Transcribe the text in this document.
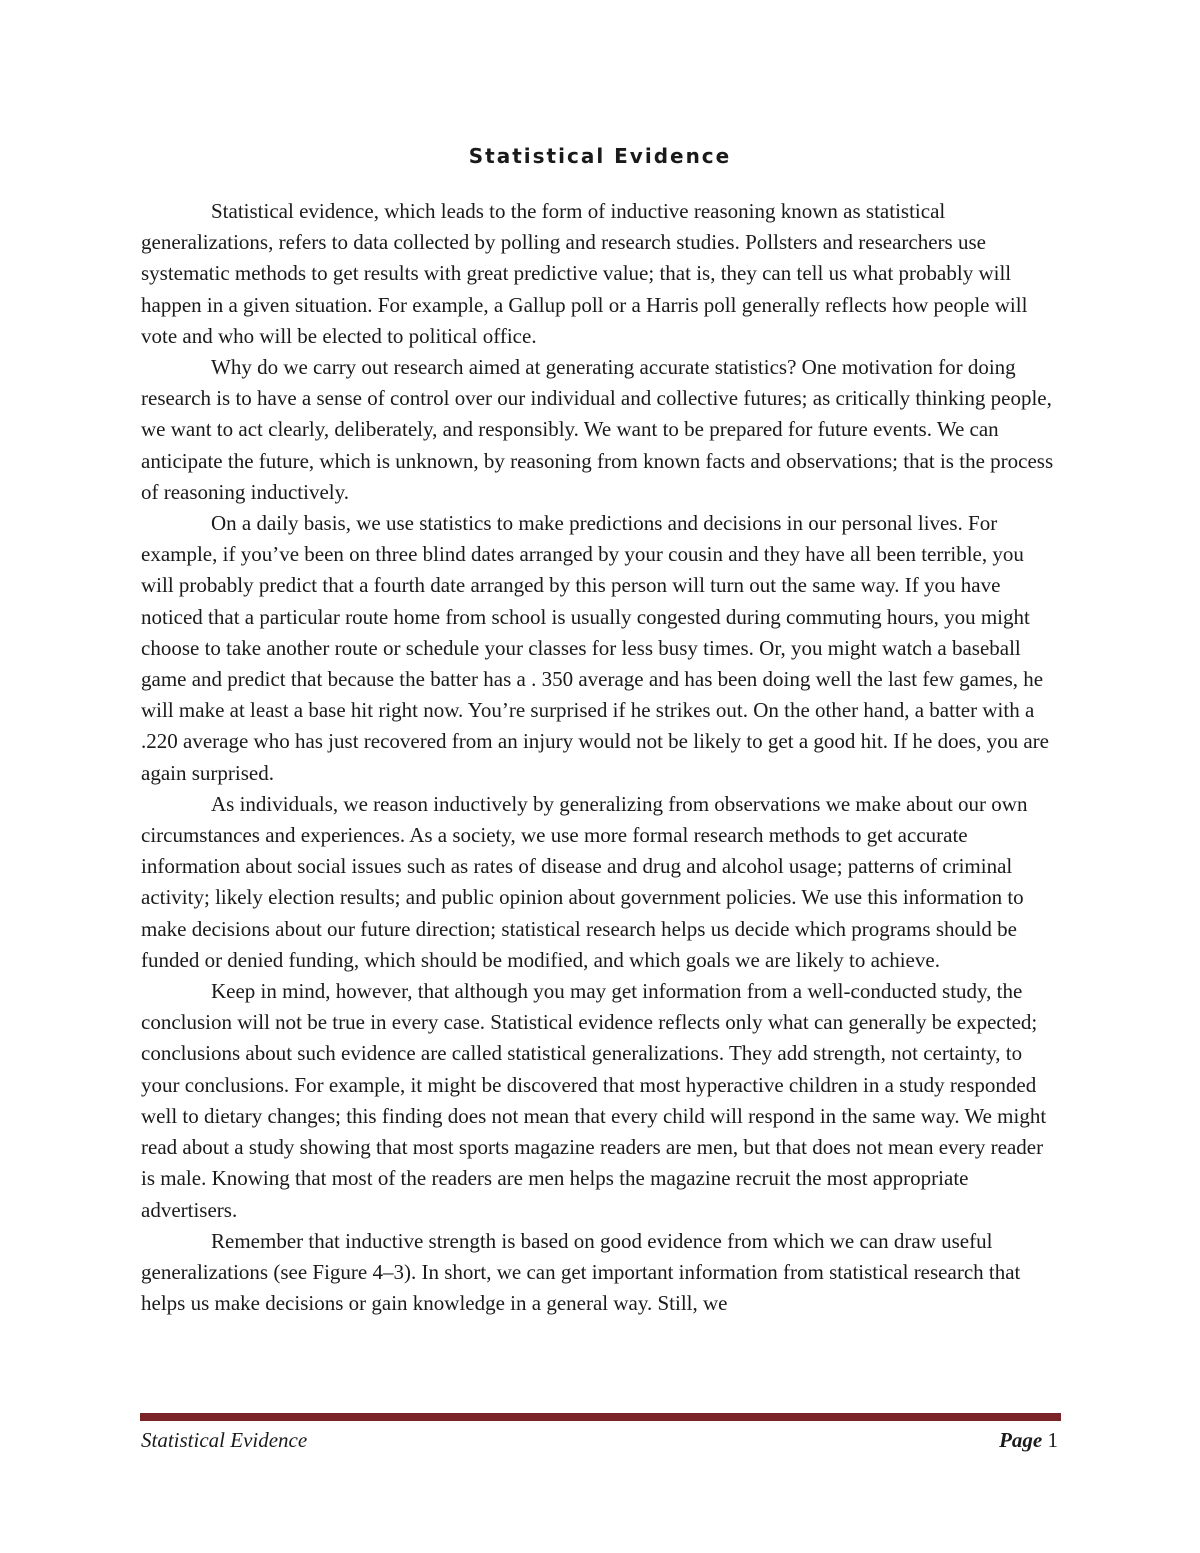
Statistical Evidence

Statistical evidence, which leads to the form of inductive reasoning known as statistical generalizations, refers to data collected by polling and research studies. Pollsters and researchers use systematic methods to get results with great predictive value; that is, they can tell us what probably will happen in a given situation. For example, a Gallup poll or a Harris poll generally reflects how people will vote and who will be elected to political office.

Why do we carry out research aimed at generating accurate statistics? One motivation for doing research is to have a sense of control over our individual and collective futures; as critically thinking people, we want to act clearly, deliberately, and responsibly. We want to be prepared for future events. We can anticipate the future, which is unknown, by reasoning from known facts and observations; that is the process of reasoning inductively.

On a daily basis, we use statistics to make predictions and decisions in our personal lives. For example, if you’ve been on three blind dates arranged by your cousin and they have all been terrible, you will probably predict that a fourth date arranged by this person will turn out the same way. If you have noticed that a particular route home from school is usually congested during commuting hours, you might choose to take another route or schedule your classes for less busy times. Or, you might watch a baseball game and predict that because the batter has a . 350 average and has been doing well the last few games, he will make at least a base hit right now. You’re surprised if he strikes out. On the other hand, a batter with a .220 average who has just recovered from an injury would not be likely to get a good hit. If he does, you are again surprised.

As individuals, we reason inductively by generalizing from observations we make about our own circumstances and experiences. As a society, we use more formal research methods to get accurate information about social issues such as rates of disease and drug and alcohol usage; patterns of criminal activity; likely election results; and public opinion about government policies. We use this information to make decisions about our future direction; statistical research helps us decide which programs should be funded or denied funding, which should be modified, and which goals we are likely to achieve.

Keep in mind, however, that although you may get information from a well-conducted study, the conclusion will not be true in every case. Statistical evidence reflects only what can generally be expected; conclusions about such evidence are called statistical generalizations. They add strength, not certainty, to your conclusions. For example, it might be discovered that most hyperactive children in a study responded well to dietary changes; this finding does not mean that every child will respond in the same way. We might read about a study showing that most sports magazine readers are men, but that does not mean every reader is male. Knowing that most of the readers are men helps the magazine recruit the most appropriate advertisers.

Remember that inductive strength is based on good evidence from which we can draw useful generalizations (see Figure 4–3). In short, we can get important information from statistical research that helps us make decisions or gain knowledge in a general way. Still, we

Statistical Evidence	Page 1
